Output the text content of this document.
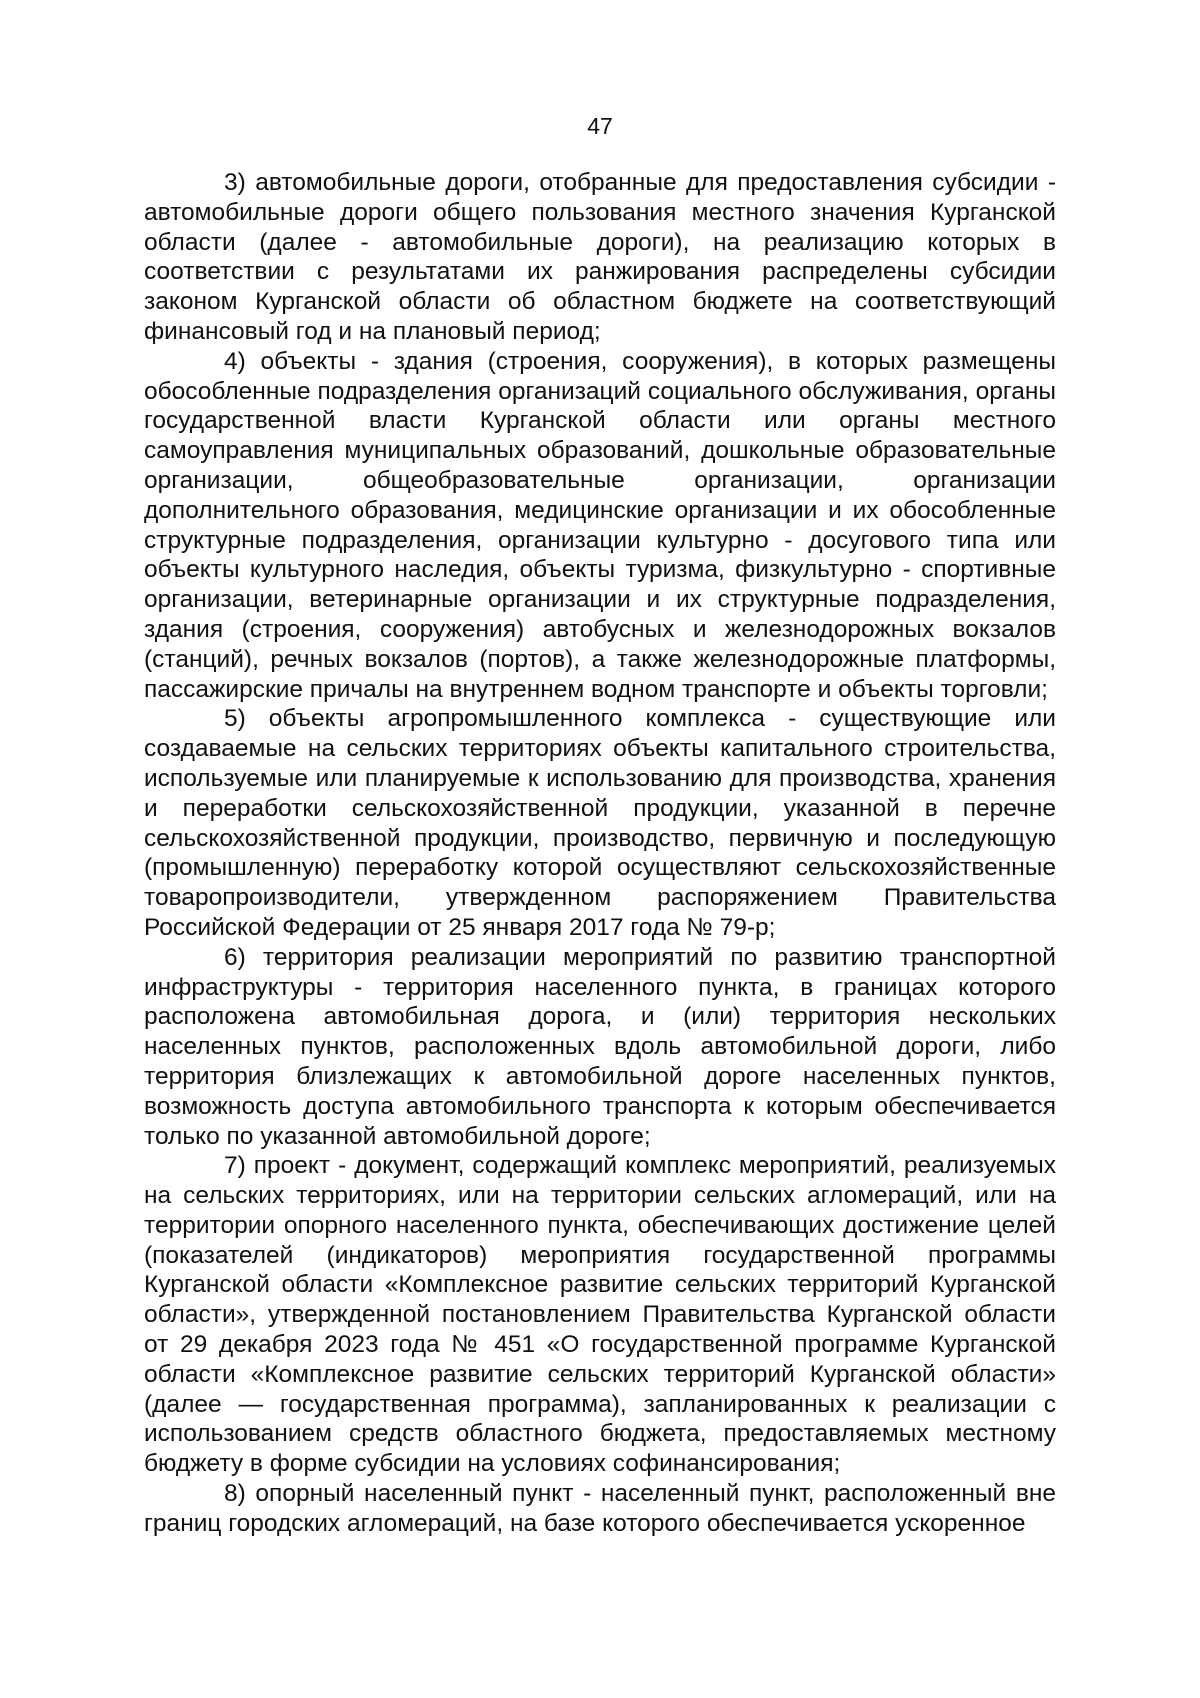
47

3) автомобильные дороги, отобранные для предоставления субсидии - автомобильные дороги общего пользования местного значения Курганской области (далее - автомобильные дороги), на реализацию которых в соответствии с результатами их ранжирования распределены субсидии законом Курганской области об областном бюджете на соответствующий финансовый год и на плановый период;

4) объекты - здания (строения, сооружения), в которых размещены обособленные подразделения организаций социального обслуживания, органы государственной власти Курганской области или органы местного самоуправления муниципальных образований, дошкольные образовательные организации, общеобразовательные организации, организации дополнительного образования, медицинские организации и их обособленные структурные подразделения, организации культурно - досугового типа или объекты культурного наследия, объекты туризма, физкультурно - спортивные организации, ветеринарные организации и их структурные подразделения, здания (строения, сооружения) автобусных и железнодорожных вокзалов (станций), речных вокзалов (портов), а также железнодорожные платформы, пассажирские причалы на внутреннем водном транспорте и объекты торговли;

5) объекты агропромышленного комплекса - существующие или создаваемые на сельских территориях объекты капитального строительства, используемые или планируемые к использованию для производства, хранения и переработки сельскохозяйственной продукции, указанной в перечне сельскохозяйственной продукции, производство, первичную и последующую (промышленную) переработку которой осуществляют сельскохозяйственные товаропроизводители, утвержденном распоряжением Правительства Российской Федерации от 25 января 2017 года № 79-р;

6) территория реализации мероприятий по развитию транспортной инфраструктуры - территория населенного пункта, в границах которого расположена автомобильная дорога, и (или) территория нескольких населенных пунктов, расположенных вдоль автомобильной дороги, либо территория близлежащих к автомобильной дороге населенных пунктов, возможность доступа автомобильного транспорта к которым обеспечивается только по указанной автомобильной дороге;

7) проект - документ, содержащий комплекс мероприятий, реализуемых на сельских территориях, или на территории сельских агломераций, или на территории опорного населенного пункта, обеспечивающих достижение целей (показателей (индикаторов) мероприятия государственной программы Курганской области «Комплексное развитие сельских территорий Курганской области», утвержденной постановлением Правительства Курганской области от 29 декабря 2023 года № 451 «О государственной программе Курганской области «Комплексное развитие сельских территорий Курганской области» (далее — государственная программа), запланированных к реализации с использованием средств областного бюджета, предоставляемых местному бюджету в форме субсидии на условиях софинансирования;

8) опорный населенный пункт - населенный пункт, расположенный вне границ городских агломераций, на базе которого обеспечивается ускоренное
